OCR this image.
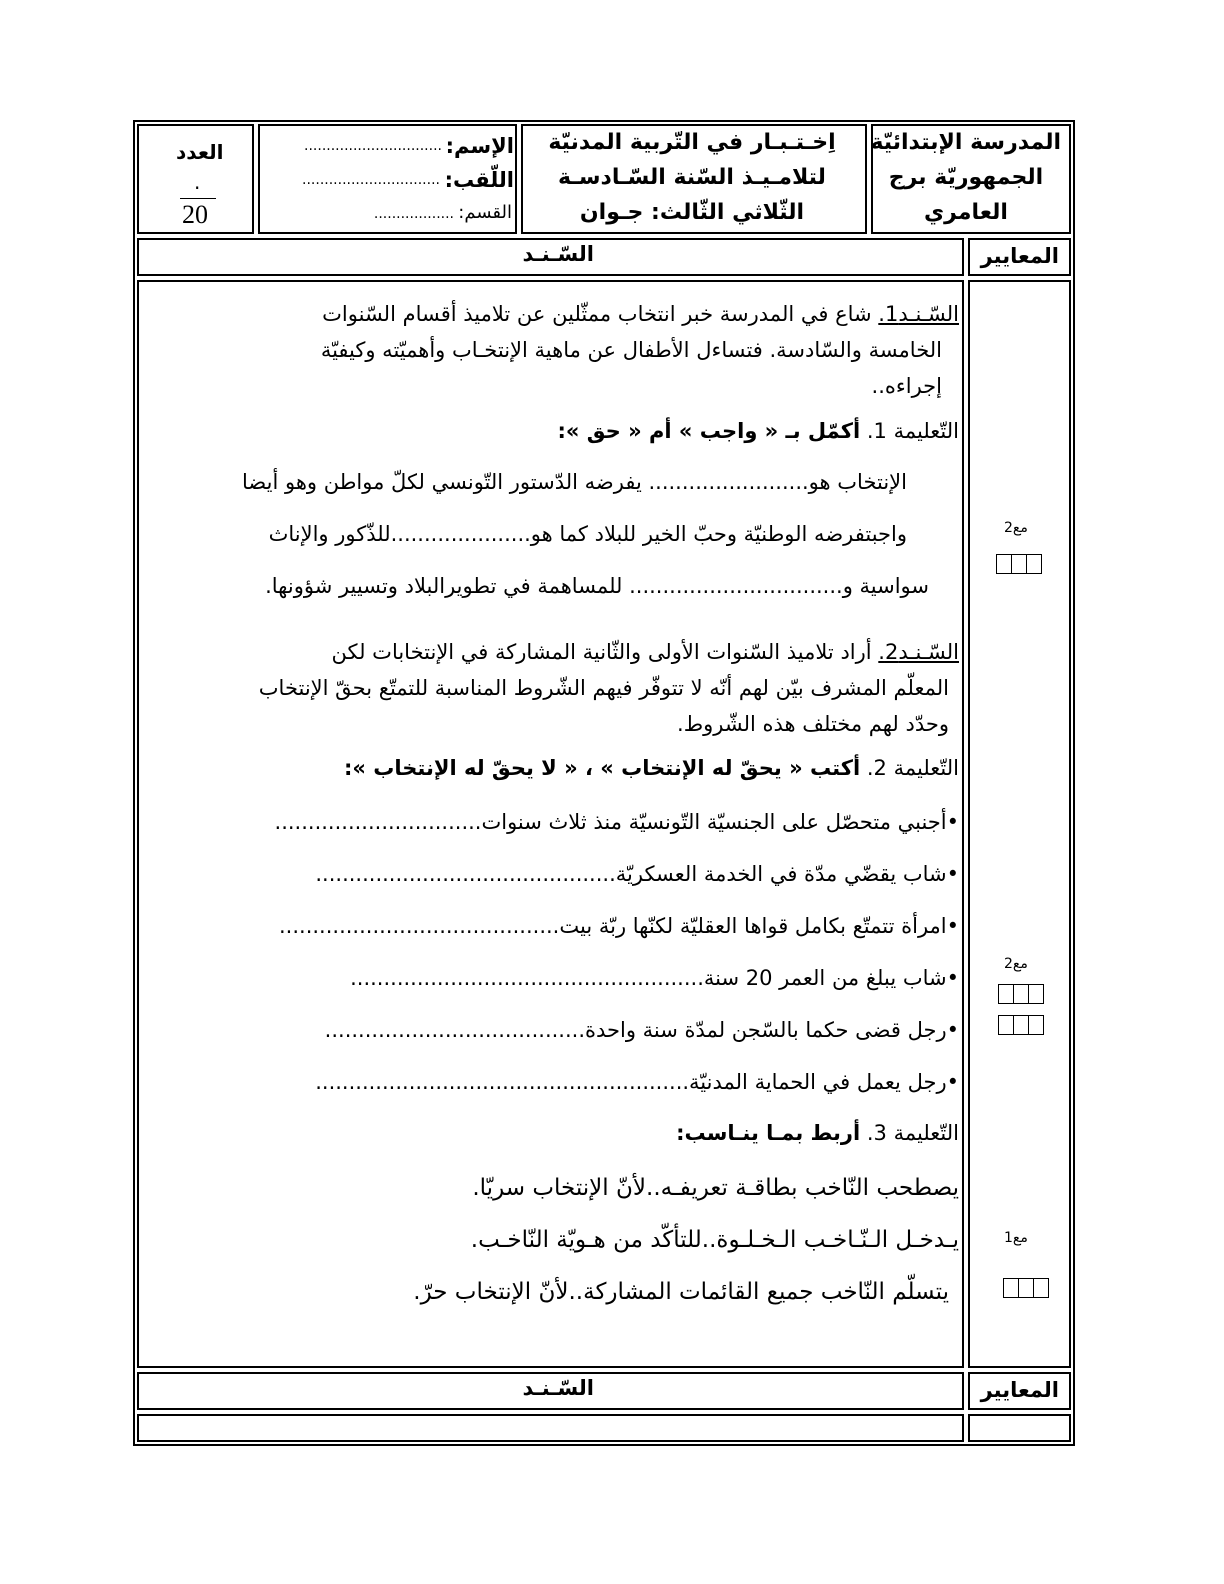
المدرسة الإبتدائيّة
الجمهوريّة برج
العامري
اِخـتـبـار في التّربية المدنيّة
لتلامـيـذ السّنة السّـادسـة
الثّلاثي الثّالث: جـوان
الإسم:
...............................
اللّقب:
...............................
القسم:
..................
العدد
.
20
المعايير
السّـنـد
السّـنـد1. شاع في المدرسة خبر انتخاب ممثّلين عن تلاميذ أقسام السّنوات
الخامسة والسّادسة. فتساءل الأطفال عن ماهية الإنتخـاب وأهميّته وكيفيّة
إجراءه..
التّعليمة 1. أكمّل بـ « واجب » أم « حق »:
الإنتخاب هو........................ يفرضه الدّستور التّونسي لكلّ مواطن وهو أيضا
واجبتفرضه الوطنيّة وحبّ الخير للبلاد كما هو.....................للذّكور والإناث
سواسية و................................ للمساهمة في تطويرالبلاد وتسيير شؤونها.
مع2
السّـنـد2. أراد تلاميذ السّنوات الأولى والثّانية المشاركة في الإنتخابات لكن
المعلّم المشرف بيّن لهم أنّه لا تتوفّر فيهم الشّروط المناسبة للتمتّع بحقّ الإنتخاب
وحدّد لهم مختلف هذه الشّروط.
التّعليمة 2. أكتب « يحقّ له الإنتخاب » ، « لا يحقّ له الإنتخاب »:
•أجنبي متحصّل على الجنسيّة التّونسيّة منذ ثلاث سنوات...............................
•شاب يقضّي مدّة في الخدمة العسكريّة.............................................
•امرأة تتمتّع بكامل قواها العقليّة لكنّها ربّة بيت..........................................
•شاب يبلغ من العمر 20 سنة.....................................................
•رجل قضى حكما بالسّجن لمدّة سنة واحدة.......................................
•رجل يعمل في الحماية المدنيّة........................................................
مع2
التّعليمة 3. أربط بمـا ينـاسب:
يصطحب النّاخب بطاقـة تعريفـه..لأنّ الإنتخاب سريّا.
يـدخـل الـنّـاخـب الـخـلـوة..للتأكّد من هـويّة النّاخـب.
يتسلّم النّاخب جميع القائمات المشاركة..لأنّ الإنتخاب حرّ.
مع1
المعايير
السّـنـد
